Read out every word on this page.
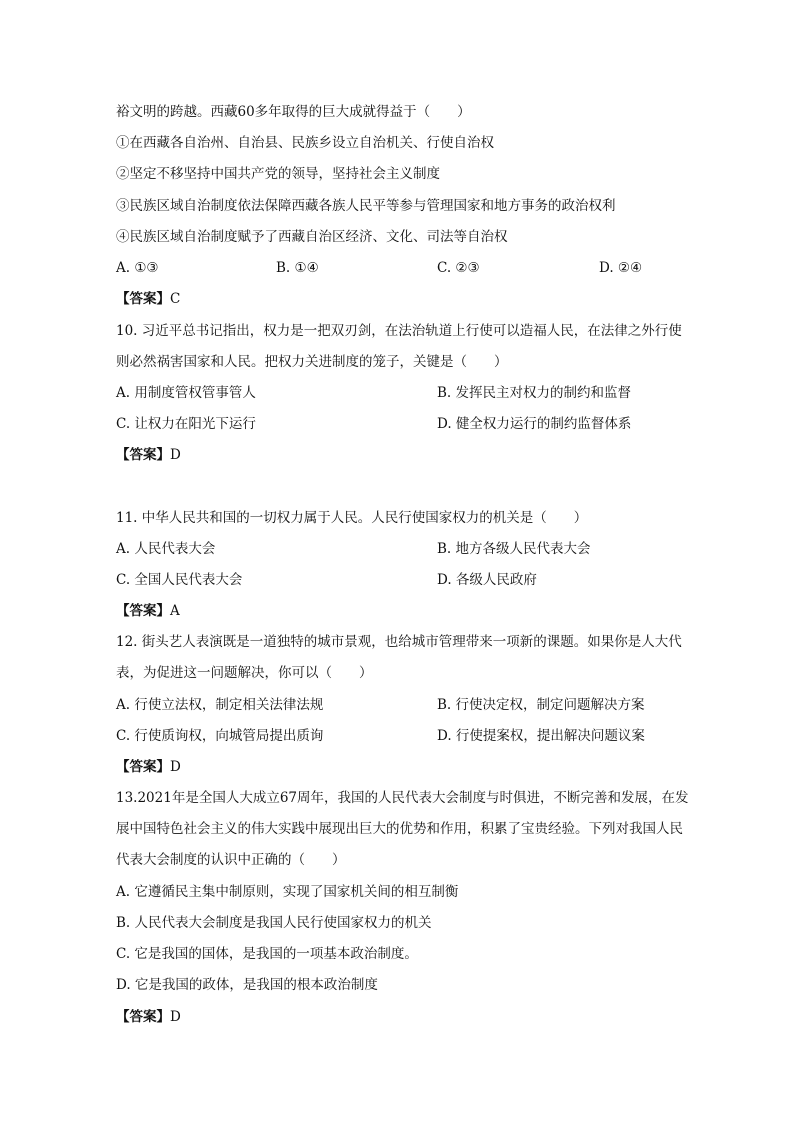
裕文明的跨越。西藏60多年取得的巨大成就得益于（　　）
①在西藏各自治州、自治县、民族乡设立自治机关、行使自治权
②坚定不移坚持中国共产党的领导，坚持社会主义制度
③民族区域自治制度依法保障西藏各族人民平等参与管理国家和地方事务的政治权利
④民族区域自治制度赋予了西藏自治区经济、文化、司法等自治权
A. ①③	B. ①④	C. ②③	D. ②④
【答案】C
10. 习近平总书记指出，权力是一把双刃剑，在法治轨道上行使可以造福人民，在法律之外行使
则必然祸害国家和人民。把权力关进制度的笼子，关键是（　　）
A. 用制度管权管事管人	B. 发挥民主对权力的制约和监督
C. 让权力在阳光下运行	D. 健全权力运行的制约监督体系
【答案】D
11. 中华人民共和国的一切权力属于人民。人民行使国家权力的机关是（　　）
A. 人民代表大会	B. 地方各级人民代表大会
C. 全国人民代表大会	D. 各级人民政府
【答案】A
12. 街头艺人表演既是一道独特的城市景观，也给城市管理带来一项新的课题。如果你是人大代
表，为促进这一问题解决，你可以（　　）
A. 行使立法权，制定相关法律法规	B. 行使决定权，制定问题解决方案
C. 行使质询权，向城管局提出质询	D. 行使提案权，提出解决问题议案
【答案】D
13.2021年是全国人大成立67周年，我国的人民代表大会制度与时俱进，不断完善和发展，在发
展中国特色社会主义的伟大实践中展现出巨大的优势和作用，积累了宝贵经验。下列对我国人民
代表大会制度的认识中正确的（　　）
A. 它遵循民主集中制原则，实现了国家机关间的相互制衡
B. 人民代表大会制度是我国人民行使国家权力的机关
C. 它是我国的国体，是我国的一项基本政治制度。
D. 它是我国的政体，是我国的根本政治制度
【答案】D
